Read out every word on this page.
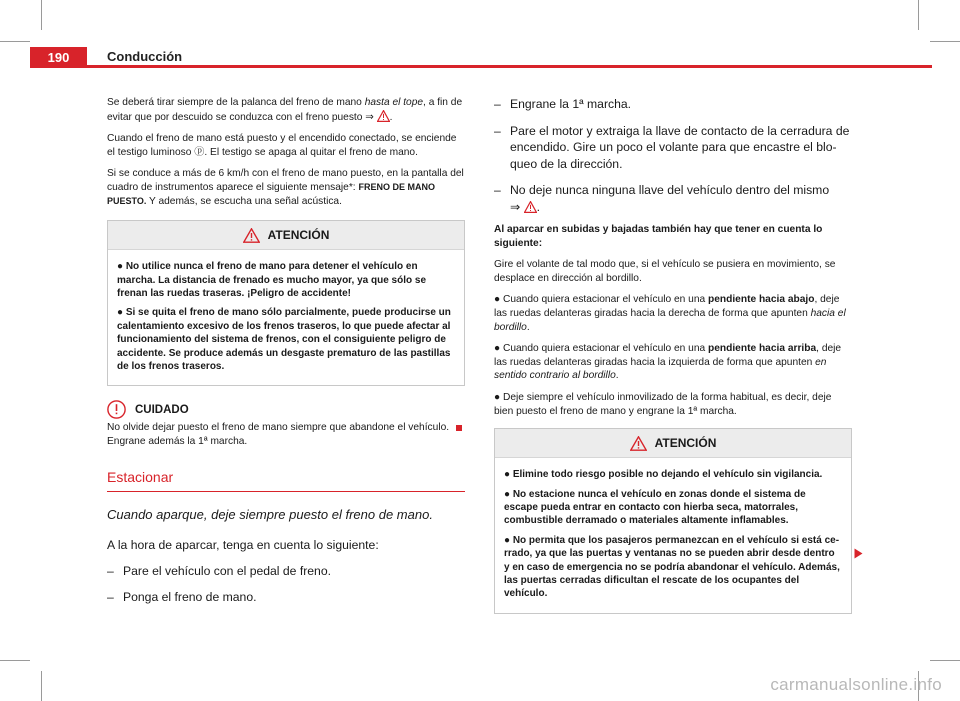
190	Conducción

Se deberá tirar siempre de la palanca del freno de mano hasta el tope, a fin de evitar que por descuido se conduzca con el freno puesto ⇒ .

Cuando el freno de mano está puesto y el encendido conectado, se enciende el testigo luminoso ⓟ. El testigo se apaga al quitar el freno de mano.

Si se conduce a más de 6 km/h con el freno de mano puesto, en la pantalla del cuadro de instrumentos aparece el siguiente mensaje*: FRENO DE MANO PUESTO. Y además, se escucha una señal acústica.

ATENCIÓN

● No utilice nunca el freno de mano para detener el vehículo en marcha. La distancia de frenado es mucho mayor, ya que sólo se frenan las ruedas traseras. ¡Peligro de accidente!

● Si se quita el freno de mano sólo parcialmente, puede producirse un calentamiento excesivo de los frenos traseros, lo que puede afectar al funcionamiento del sistema de frenos, con el consiguiente peligro de accidente. Se produce además un desgaste prematuro de las pastillas de los frenos traseros.

CUIDADO

No olvide dejar puesto el freno de mano siempre que abandone el vehículo. Engrane además la 1ª marcha.

Estacionar
Cuando aparque, deje siempre puesto el freno de mano.

A la hora de aparcar, tenga en cuenta lo siguiente:

– Pare el vehículo con el pedal de freno.
– Ponga el freno de mano.
– Engrane la 1ª marcha.
– Pare el motor y extraiga la llave de contacto de la cerradura de encendido. Gire un poco el volante para que encastre el bloqueo de la dirección.
– No deje nunca ninguna llave del vehículo dentro del mismo
⇒ .

Al aparcar en subidas y bajadas también hay que tener en cuenta lo siguiente:

Gire el volante de tal modo que, si el vehículo se pusiera en movimiento, se desplace en dirección al bordillo.

● Cuando quiera estacionar el vehículo en una pendiente hacia abajo, deje las ruedas delanteras giradas hacia la derecha de forma que apunten hacia el bordillo.

● Cuando quiera estacionar el vehículo en una pendiente hacia arriba, deje las ruedas delanteras giradas hacia la izquierda de forma que apunten en sentido contrario al bordillo.

● Deje siempre el vehículo inmovilizado de la forma habitual, es decir, deje bien puesto el freno de mano y engrane la 1ª marcha.

ATENCIÓN

● Elimine todo riesgo posible no dejando el vehículo sin vigilancia.

● No estacione nunca el vehículo en zonas donde el sistema de escape pueda entrar en contacto con hierba seca, matorrales, combustible derramado o materiales altamente inflamables.

● No permita que los pasajeros permanezcan en el vehículo si está cerrado, ya que las puertas y ventanas no se pueden abrir desde dentro y en caso de emergencia no se podría abandonar el vehículo. Además, las puertas cerradas dificultan el rescate de los ocupantes del vehículo.

carmanualsonline.info
